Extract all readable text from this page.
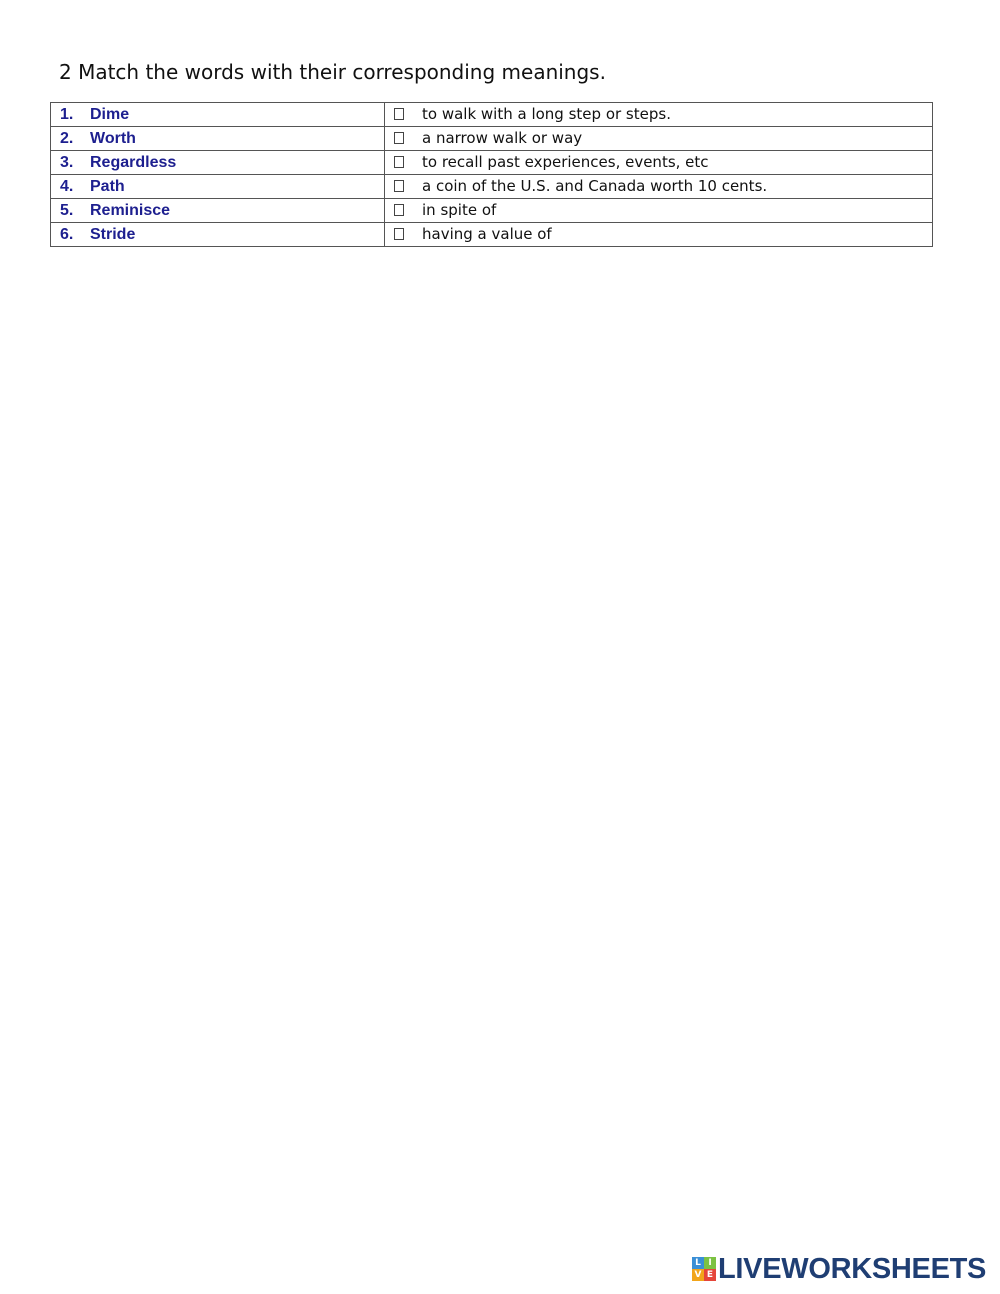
2 Match the words with their corresponding meanings.
1. Dime	to walk with a long step or steps.
2. Worth	a narrow walk or way
3. Regardless	to recall past experiences, events, etc
4. Path	a coin of the U.S. and Canada worth 10 cents.
5. Reminisce	in spite of
6. Stride	having a value of
L I
V E LIVEWORKSHEETS
